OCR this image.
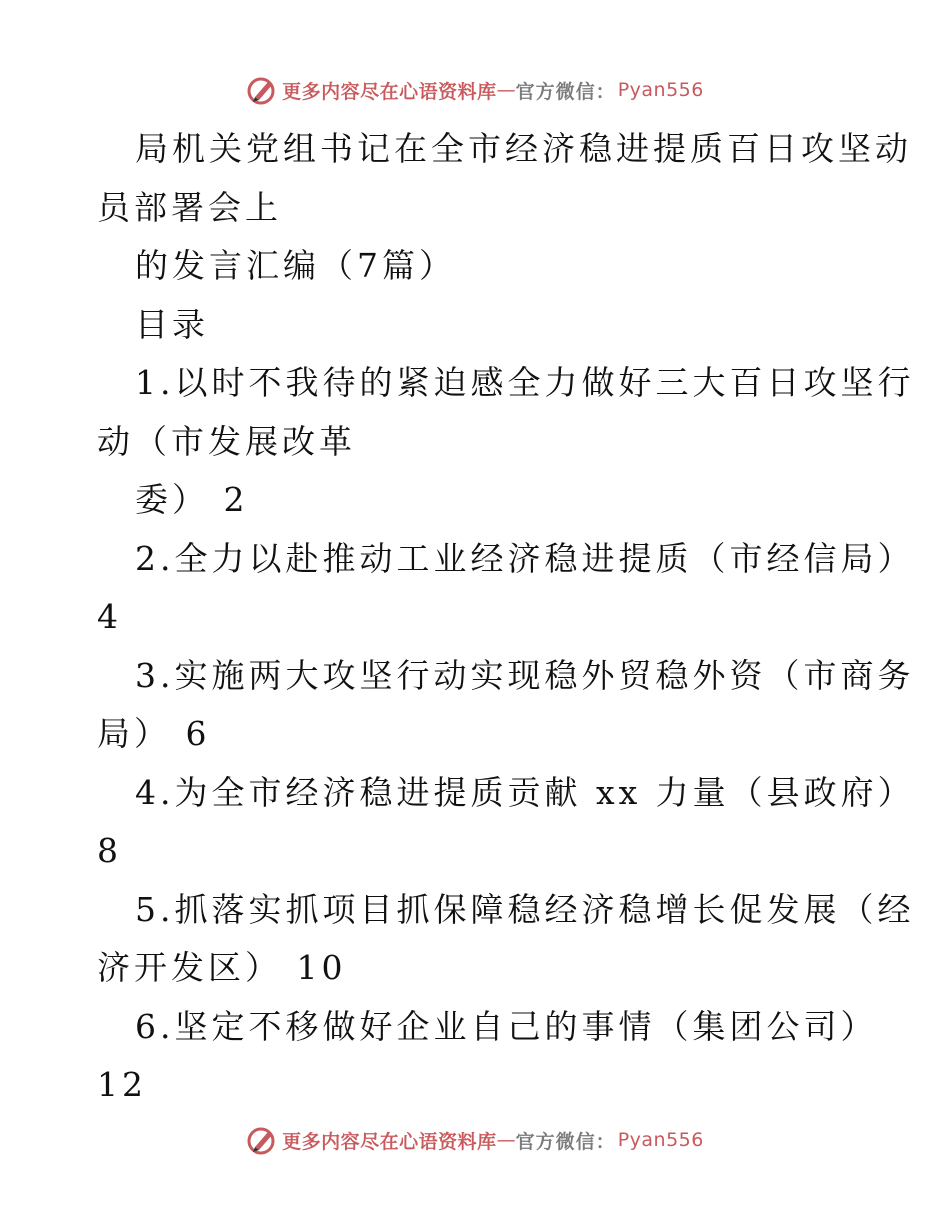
更多内容尽在心语资料库 — 官方微信： Pyan556
局机关党组书记在全市经济稳进提质百日攻坚动
员部署会上
的发言汇编（7篇）
目录
1.以时不我待的紧迫感全力做好三大百日攻坚行
动（市发展改革
委） 2
2.全力以赴推动工业经济稳进提质（市经信局）
4
3.实施两大攻坚行动实现稳外贸稳外资（市商务
局） 6
4.为全市经济稳进提质贡献 xx 力量（县政府）
8
5.抓落实抓项目抓保障稳经济稳增长促发展（经
济开发区） 10
6.坚定不移做好企业自己的事情（集团公司）
12
更多内容尽在心语资料库 — 官方微信： Pyan556
